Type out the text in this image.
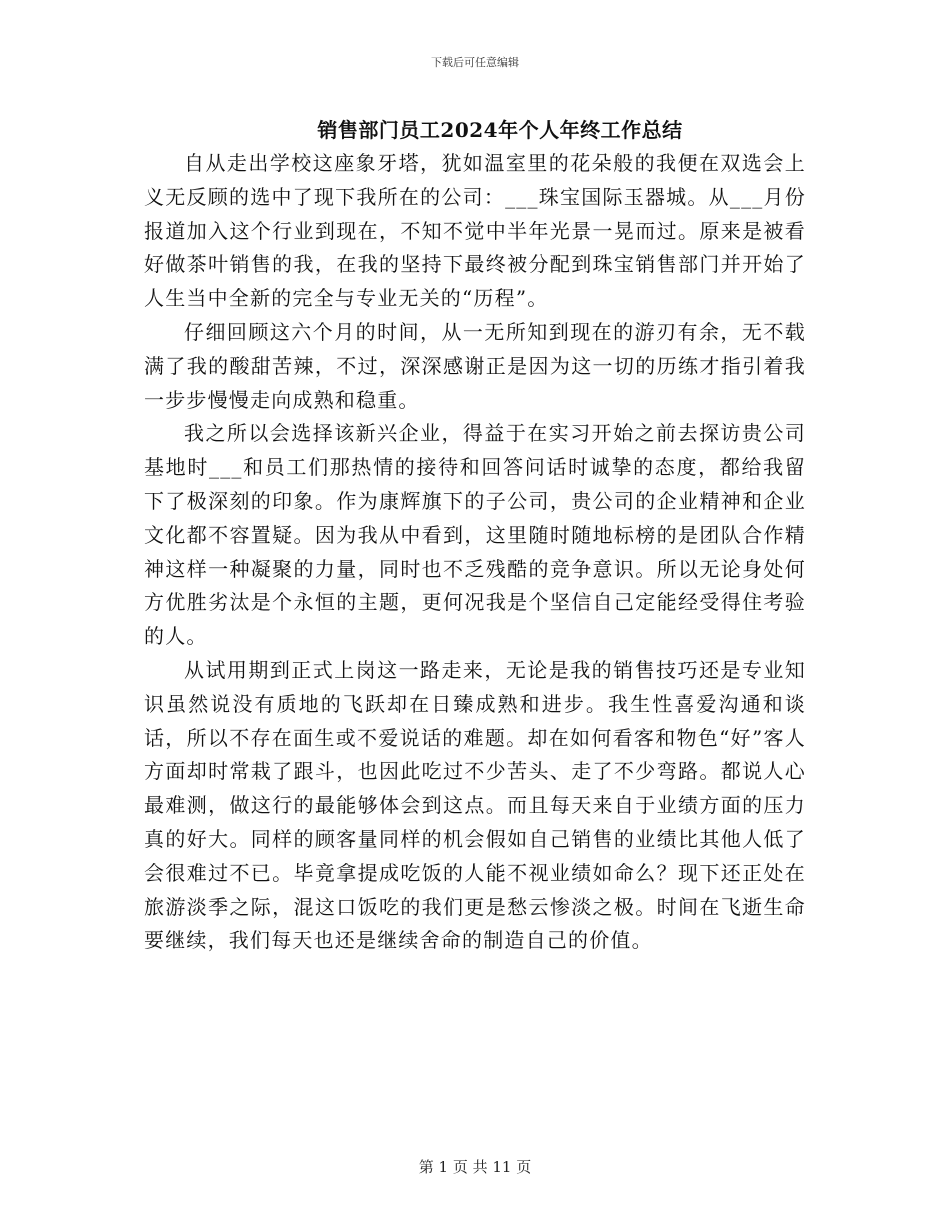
下载后可任意编辑
销售部门员工2024年个人年终工作总结

自从走出学校这座象牙塔，犹如温室里的花朵般的我便在双选会上义无反顾的选中了现下我所在的公司：___珠宝国际玉器城。从___月份报道加入这个行业到现在，不知不觉中半年光景一晃而过。原来是被看好做茶叶销售的我，在我的坚持下最终被分配到珠宝销售部门并开始了人生当中全新的完全与专业无关的“历程”。

仔细回顾这六个月的时间，从一无所知到现在的游刃有余，无不载满了我的酸甜苦辣，不过，深深感谢正是因为这一切的历练才指引着我一步步慢慢走向成熟和稳重。

我之所以会选择该新兴企业，得益于在实习开始之前去探访贵公司基地时___和员工们那热情的接待和回答问话时诚挚的态度，都给我留下了极深刻的印象。作为康辉旗下的子公司，贵公司的企业精神和企业文化都不容置疑。因为我从中看到，这里随时随地标榜的是团队合作精神这样一种凝聚的力量，同时也不乏残酷的竞争意识。所以无论身处何方优胜劣汰是个永恒的主题，更何况我是个坚信自己定能经受得住考验的人。

从试用期到正式上岗这一路走来，无论是我的销售技巧还是专业知识虽然说没有质地的飞跃却在日臻成熟和进步。我生性喜爱沟通和谈话，所以不存在面生或不爱说话的难题。却在如何看客和物色“好”客人方面却时常栽了跟斗，也因此吃过不少苦头、走了不少弯路。都说人心最难测，做这行的最能够体会到这点。而且每天来自于业绩方面的压力真的好大。同样的顾客量同样的机会假如自己销售的业绩比其他人低了会很难过不已。毕竟拿提成吃饭的人能不视业绩如命么？现下还正处在旅游淡季之际，混这口饭吃的我们更是愁云惨淡之极。时间在飞逝生命要继续，我们每天也还是继续舍命的制造自己的价值。

第 1 页 共 11 页
